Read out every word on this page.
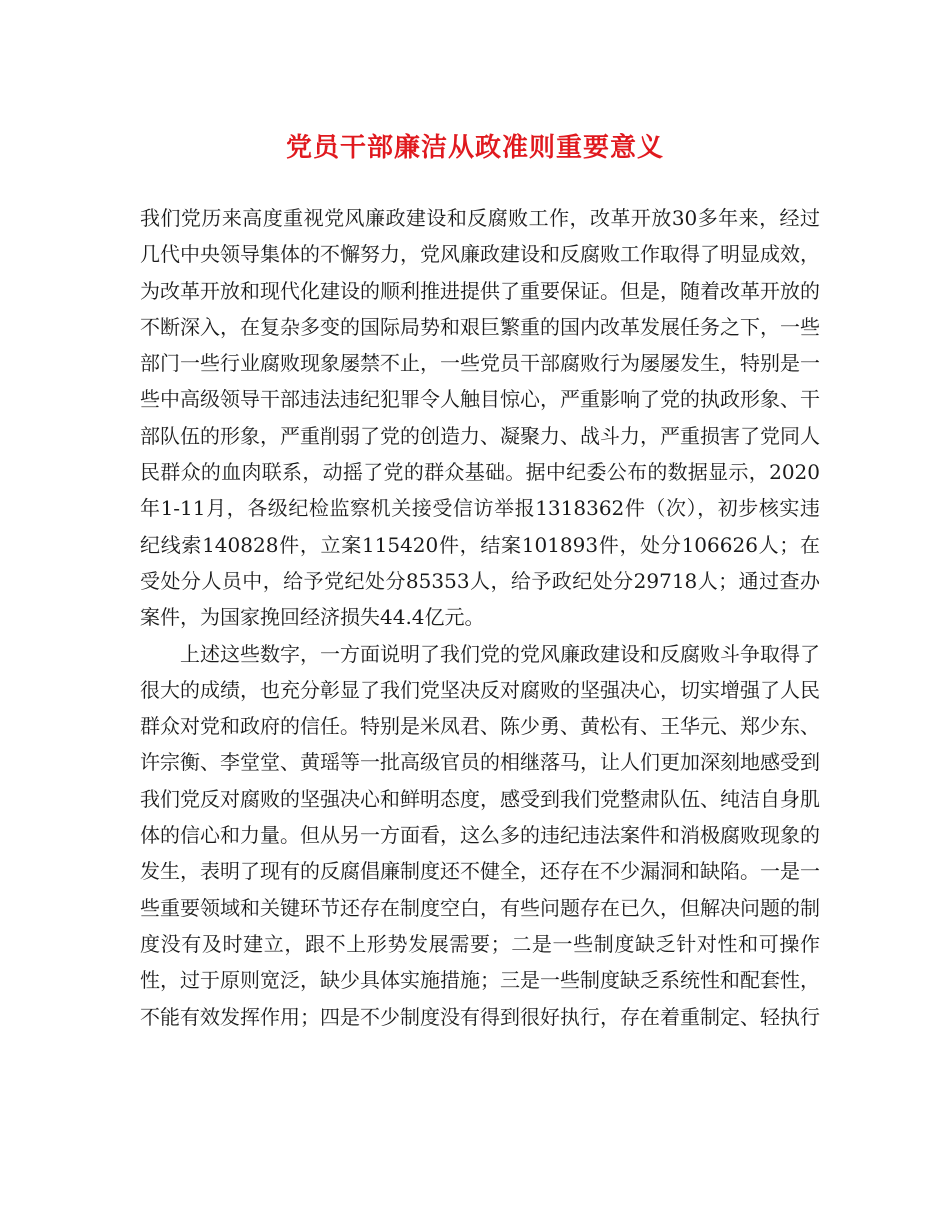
党员干部廉洁从政准则重要意义

我们党历来高度重视党风廉政建设和反腐败工作，改革开放30多年来，经过几代中央领导集体的不懈努力，党风廉政建设和反腐败工作取得了明显成效，为改革开放和现代化建设的顺利推进提供了重要保证。但是，随着改革开放的不断深入，在复杂多变的国际局势和艰巨繁重的国内改革发展任务之下，一些部门一些行业腐败现象屡禁不止，一些党员干部腐败行为屡屡发生，特别是一些中高级领导干部违法违纪犯罪令人触目惊心，严重影响了党的执政形象、干部队伍的形象，严重削弱了党的创造力、凝聚力、战斗力，严重损害了党同人民群众的血肉联系，动摇了党的群众基础。据中纪委公布的数据显示，2020年1-11月，各级纪检监察机关接受信访举报1318362件（次），初步核实违纪线索140828件，立案115420件，结案101893件，处分106626人；在受处分人员中，给予党纪处分85353人，给予政纪处分29718人；通过查办案件，为国家挽回经济损失44.4亿元。

上述这些数字，一方面说明了我们党的党风廉政建设和反腐败斗争取得了很大的成绩，也充分彰显了我们党坚决反对腐败的坚强决心，切实增强了人民群众对党和政府的信任。特别是米凤君、陈少勇、黄松有、王华元、郑少东、许宗衡、李堂堂、黄瑶等一批高级官员的相继落马，让人们更加深刻地感受到我们党反对腐败的坚强决心和鲜明态度，感受到我们党整肃队伍、纯洁自身肌体的信心和力量。但从另一方面看，这么多的违纪违法案件和消极腐败现象的发生，表明了现有的反腐倡廉制度还不健全，还存在不少漏洞和缺陷。一是一些重要领域和关键环节还存在制度空白，有些问题存在已久，但解决问题的制度没有及时建立，跟不上形势发展需要；二是一些制度缺乏针对性和可操作性，过于原则宽泛，缺少具体实施措施；三是一些制度缺乏系统性和配套性，不能有效发挥作用；四是不少制度没有得到很好执行，存在着重制定、轻执行
